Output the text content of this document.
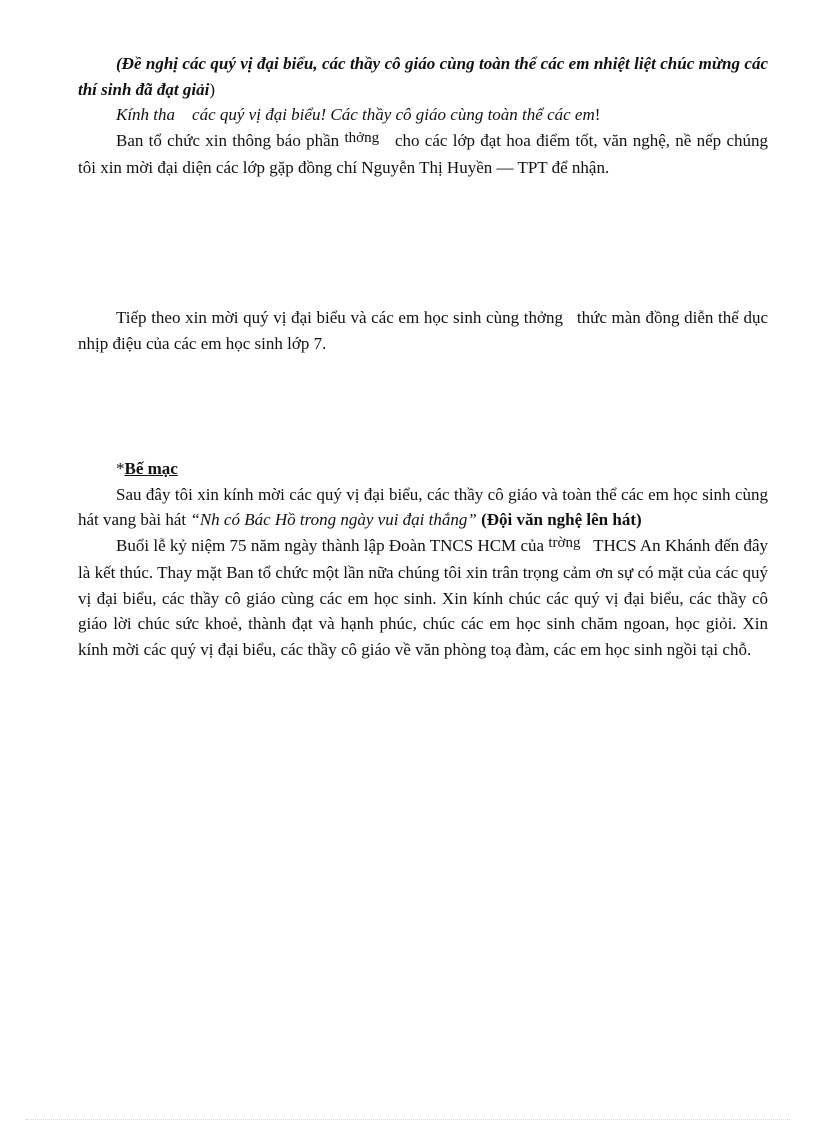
(Đề nghị các quý vị đại biểu, các thầy cô giáo cùng toàn thể các em nhiệt liệt chúc mừng các thí sinh đã đạt giải)

Kính tha các quý vị đại biểu! Các thầy cô giáo cùng toàn thể các em!

Ban tổ chức xin thông báo phần thởng cho các lớp đạt hoa điểm tốt, văn nghệ, nề nếp chúng tôi xin mời đại diện các lớp gặp đồng chí Nguyễn Thị Huyền — TPT để nhận.

Tiếp theo xin mời quý vị đại biểu và các em học sinh cùng thởng thức màn đồng diễn thể dục nhịp điệu của các em học sinh lớp 7.

*Bế mạc

Sau đây tôi xin kính mời các quý vị đại biểu, các thầy cô giáo và toàn thể các em học sinh cùng hát vang bài hát “Nh có Bác Hồ trong ngày vui đại thắng” (Đội văn nghệ lên hát)

Buổi lễ kỷ niệm 75 năm ngày thành lập Đoàn TNCS HCM của trờng THCS An Khánh đến đây là kết thúc. Thay mặt Ban tổ chức một lần nữa chúng tôi xin trân trọng cảm ơn sự có mặt của các quý vị đại biểu, các thầy cô giáo cùng các em học sinh. Xin kính chúc các quý vị đại biểu, các thầy cô giáo lời chúc sức khoẻ, thành đạt và hạnh phúc, chúc các em học sinh chăm ngoan, học giỏi. Xin kính mời các quý vị đại biểu, các thầy cô giáo về văn phòng toạ đàm, các em học sinh ngồi tại chỗ.
